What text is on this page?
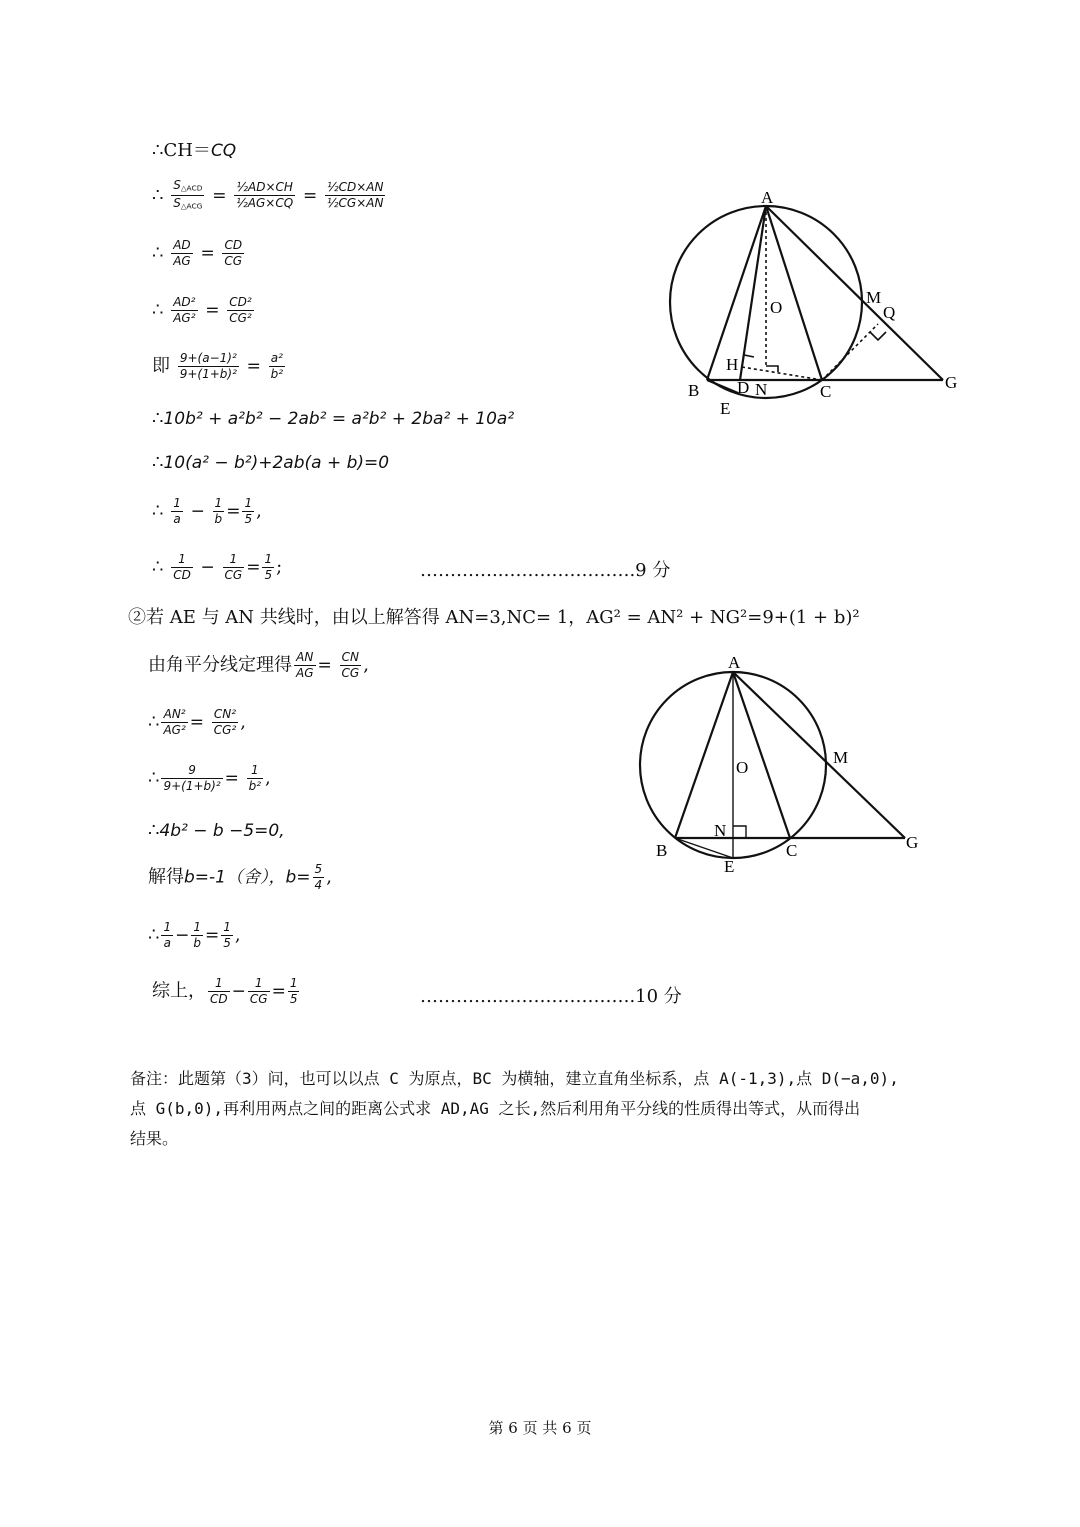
∴CH＝CQ
∴ $\frac{\text{S△ACD}}{\text{S△ACG}} = \frac{\text{½AD×CH}}{\text{½AG×CQ}} = \frac{\text{½CD×AN}}{\text{½CG×AN}}$
∴ $\frac{AD}{AG} = \frac{CD}{CG}$
∴ $\frac{\text{AD²}}{\text{AG²}} = \frac{\text{CD²}}{\text{CG²}}$
即 $\frac{\text{9+(a−1)²}}{\text{9+(1+b)²}} = \frac{\text{a²}}{\text{b²}}$
∴10b² + a²b² − 2ab² = a²b² + 2ba² + 10a²
∴10(a² − b²)+2ab(a + b)=0
∴ $\frac{1}{a} - \frac{1}{b} = \frac{1}{5}$ ,
∴ $\frac{1}{CD} - \frac{1}{CG} = \frac{1}{5}$ ;	…………..………………….9 分
②若 AE 与 AN 共线时，由以上解答得 AN=3,NC= 1，AG² = AN² + NG²=9+(1 + b)²
由角平分线定理得 $\frac{AN}{AG} = \frac{CN}{CG}$ ,
∴ $\frac{\text{AN²}}{\text{AG²}} = \frac{\text{CN²}}{\text{CG²}}$ ,
∴ $\frac{9}{\text{9+(1+b)²}} = \frac{1}{\text{b²}}$ ,
∴4b² − b −5=0,
解得b=-1（舍），$b= \frac{5}{4}$ ,
∴ $\frac{1}{a} - \frac{1}{b} = \frac{1}{5}$ ,
综上， $\frac{1}{CD} - \frac{1}{CG} = \frac{1}{5}$	…………..………………….10 分
备注：此题第（3）问，也可以以点 C 为原点，BC 为横轴，建立直角坐标系，点 A(-1,3),点 D(−a,0),
点 G(b,0),再利用两点之间的距离公式求 AD,AG 之长,然后利用角平分线的性质得出等式，从而得出
结果。
第 6 页 共 6 页
A
O
M
Q
H
B D N	C	G
E
A
O
M
N
B
E
C	G
